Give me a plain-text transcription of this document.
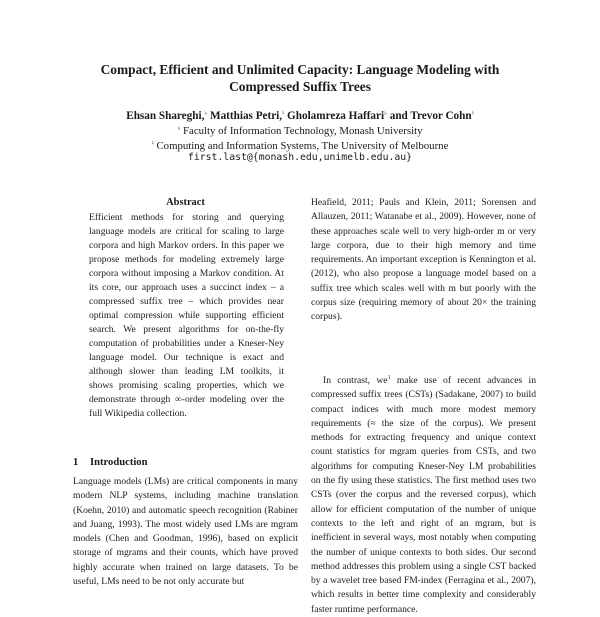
Compact, Efficient and Unlimited Capacity: Language Modeling with
Compressed Suffix Trees
Ehsan Shareghi,♭ Matthias Petri,♮ Gholamreza Haffari♭ and Trevor Cohn♮
♭ Faculty of Information Technology, Monash University
♮ Computing and Information Systems, The University of Melbourne
first.last@{monash.edu,unimelb.edu.au}
Abstract

Efficient methods for storing and querying language models are critical for scaling to large corpora and high Markov orders. In this paper we propose methods for modeling extremely large corpora without imposing a Markov condition. At its core, our approach uses a succinct index – a compressed suffix tree – which provides near optimal compression while supporting efficient search. We present algorithms for on-the-fly computation of probabilities under a Kneser-Ney language model. Our technique is exact and although slower than leading LM toolkits, it shows promising scaling properties, which we demonstrate through ∞-order modeling over the full Wikipedia collection.

1 Introduction

Language models (LMs) are critical components in many modern NLP systems, including machine translation (Koehn, 2010) and automatic speech recognition (Rabiner and Juang, 1993). The most widely used LMs are mgram models (Chen and Goodman, 1996), based on explicit storage of mgrams and their counts, which have proved highly accurate when trained on large datasets. To be useful, LMs need to be not only accurate but

Heafield, 2011; Pauls and Klein, 2011; Sorensen and Allauzen, 2011; Watanabe et al., 2009). However, none of these approaches scale well to very high-order m or very large corpora, due to their high memory and time requirements. An important exception is Kennington et al. (2012), who also propose a language model based on a suffix tree which scales well with m but poorly with the corpus size (requiring memory of about 20× the training corpus).

In contrast, $we^1$ make use of recent advances in compressed suffix trees (CSTs) (Sadakane, 2007) to build compact indices with much more modest memory requirements (≈ the size of the corpus). We present methods for extracting frequency and unique context count statistics for mgram queries from CSTs, and two algorithms for computing Kneser-Ney LM probabilities on the fly using these statistics. The first method uses two CSTs (over the corpus and the reversed corpus), which allow for efficient computation of the number of unique contexts to the left and right of an mgram, but is inefficient in several ways, most notably when computing the number of unique contexts to both sides. Our second method addresses this problem using a single CST backed by a wavelet tree based FM-index (Ferragina et al., 2007), which results in better time complexity and considerably faster runtime performance.
